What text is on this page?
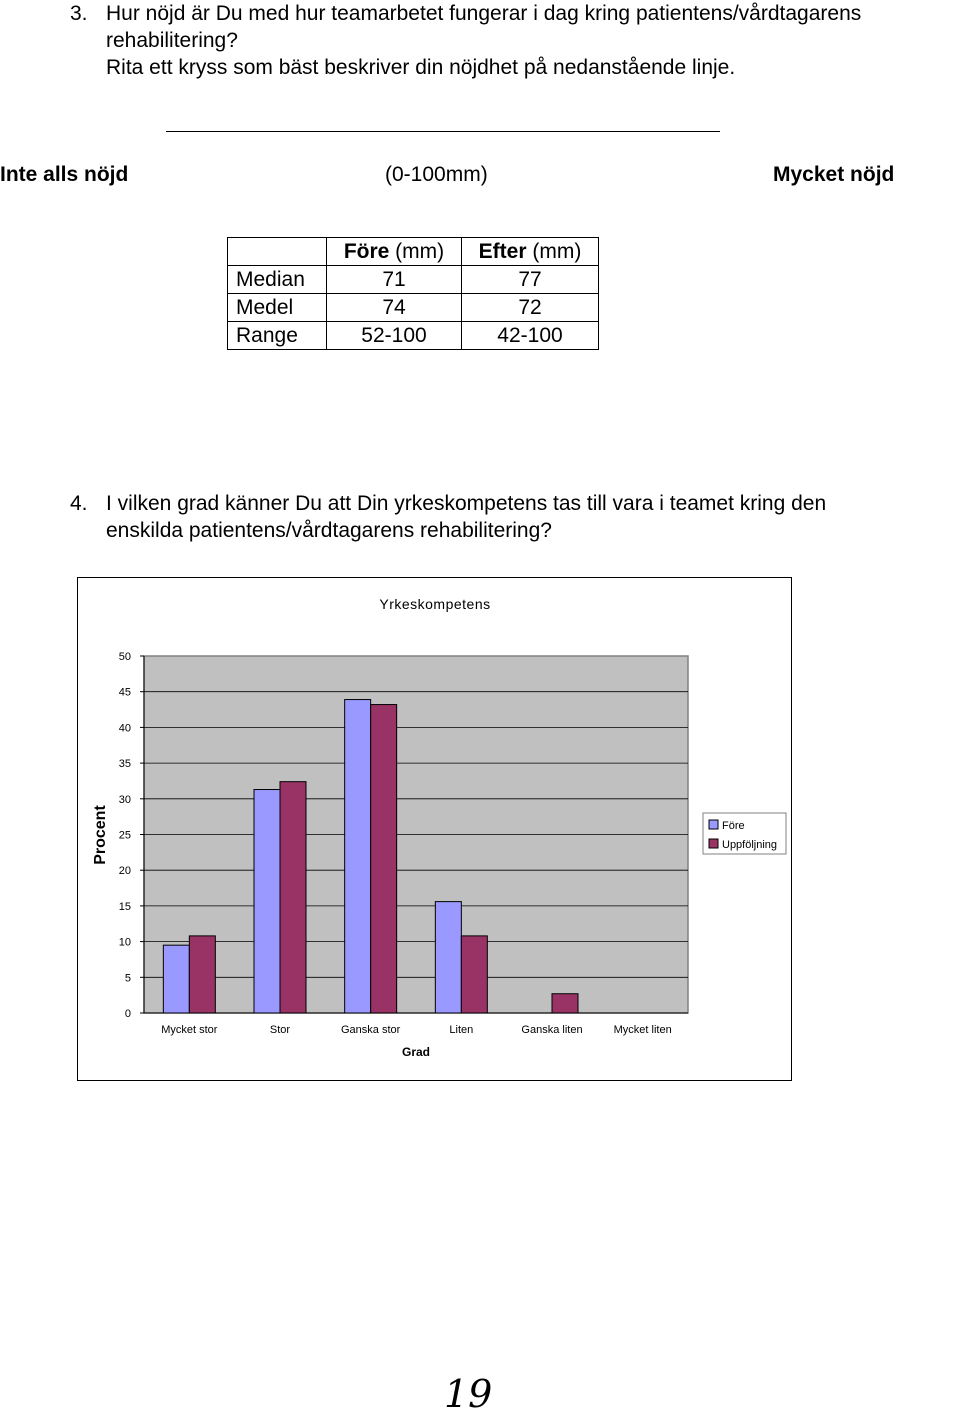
3. Hur nöjd är Du med hur teamarbetet fungerar i dag kring patientens/vårdtagarens
rehabilitering?
Rita ett kryss som bäst beskriver din nöjdhet på nedanstående linje.
Inte alls nöjd	(0-100mm)	Mycket nöjd
	Före (mm)	Efter (mm)
Median	71	77
Medel	74	72
Range	52-100	42-100
4. I vilken grad känner Du att Din yrkeskompetens tas till vara i teamet kring den
enskilda patientens/vårdtagarens rehabilitering?
0
5
10
15
20
25
30
35
40
45
50
Mycket stor	Stor	Ganska stor	Liten	Ganska liten	Mycket liten
Yrkeskompetens
Grad
Procent	Före
Uppföljning
19
